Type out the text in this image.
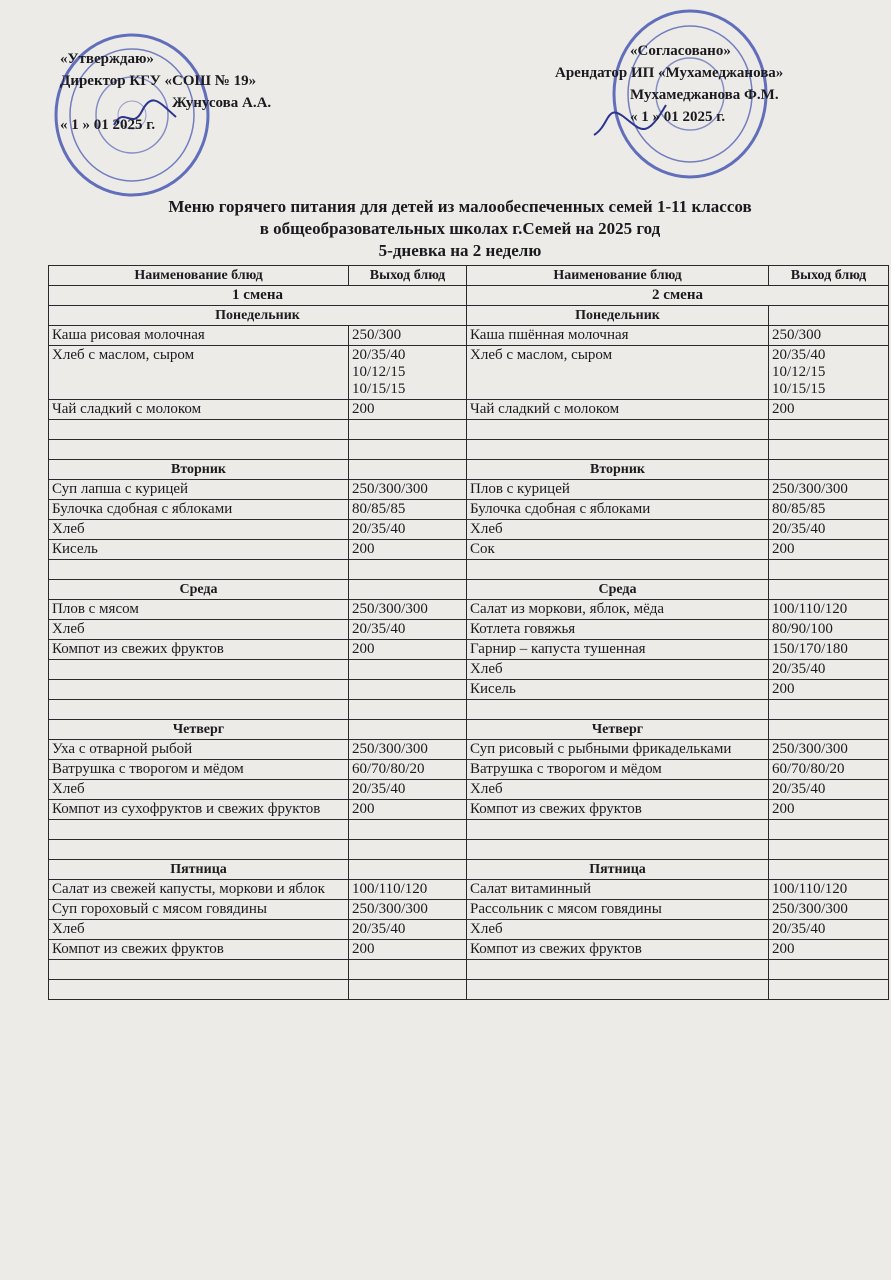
«Утверждаю»
Директор КГУ «СОШ № 19»
Жунусова А.А.
« 1 » 01 2025 г.
«Согласовано»
Арендатор ИП «Мухамеджанова»
Мухамеджанова Ф.М.
« 1 » 01 2025 г.
Меню горячего питания для детей из малообеспеченных семей 1-11 классов
в общеобразовательных школах г.Семей на 2025 год
5-дневка на 2 неделю
Наименование блюд	Выход блюд	Наименование блюд	Выход блюд
1 смена		2 смена	
Понедельник		Понедельник	
Каша рисовая молочная	250/300	Каша пшённая молочная	250/300
Хлеб с маслом, сыром	20/35/40
10/12/15
10/15/15	Хлеб с маслом, сыром	20/35/40
10/12/15
10/15/15
Чай сладкий с молоком	200	Чай сладкий с молоком	200

Вторник		Вторник	
Суп лапша с курицей	250/300/300	Плов с курицей	250/300/300
Булочка сдобная с яблоками	80/85/85	Булочка сдобная с яблоками	80/85/85
Хлеб	20/35/40	Хлеб	20/35/40
Кисель	200	Сок	200

Среда		Среда	
Плов с мясом	250/300/300	Салат из моркови, яблок, мёда	100/110/120
Хлеб	20/35/40	Котлета говяжья	80/90/100
Компот из свежих фруктов	200	Гарнир – капуста тушенная	150/170/180
		Хлеб	20/35/40
		Кисель	200

Четверг		Четверг	
Уха с отварной рыбой	250/300/300	Суп рисовый с рыбными фрикадельками	250/300/300
Ватрушка с творогом и мёдом	60/70/80/20	Ватрушка с творогом и мёдом	60/70/80/20
Хлеб	20/35/40	Хлеб	20/35/40
Компот из сухофруктов и свежих фруктов	200	Компот из свежих фруктов	200

Пятница		Пятница	
Салат из свежей капусты, моркови и яблок	100/110/120	Салат витаминный	100/110/120
Суп гороховый с мясом говядины	250/300/300	Рассольник с мясом говядины	250/300/300
Хлеб	20/35/40	Хлеб	20/35/40
Компот из свежих фруктов	200	Компот из свежих фруктов	200
